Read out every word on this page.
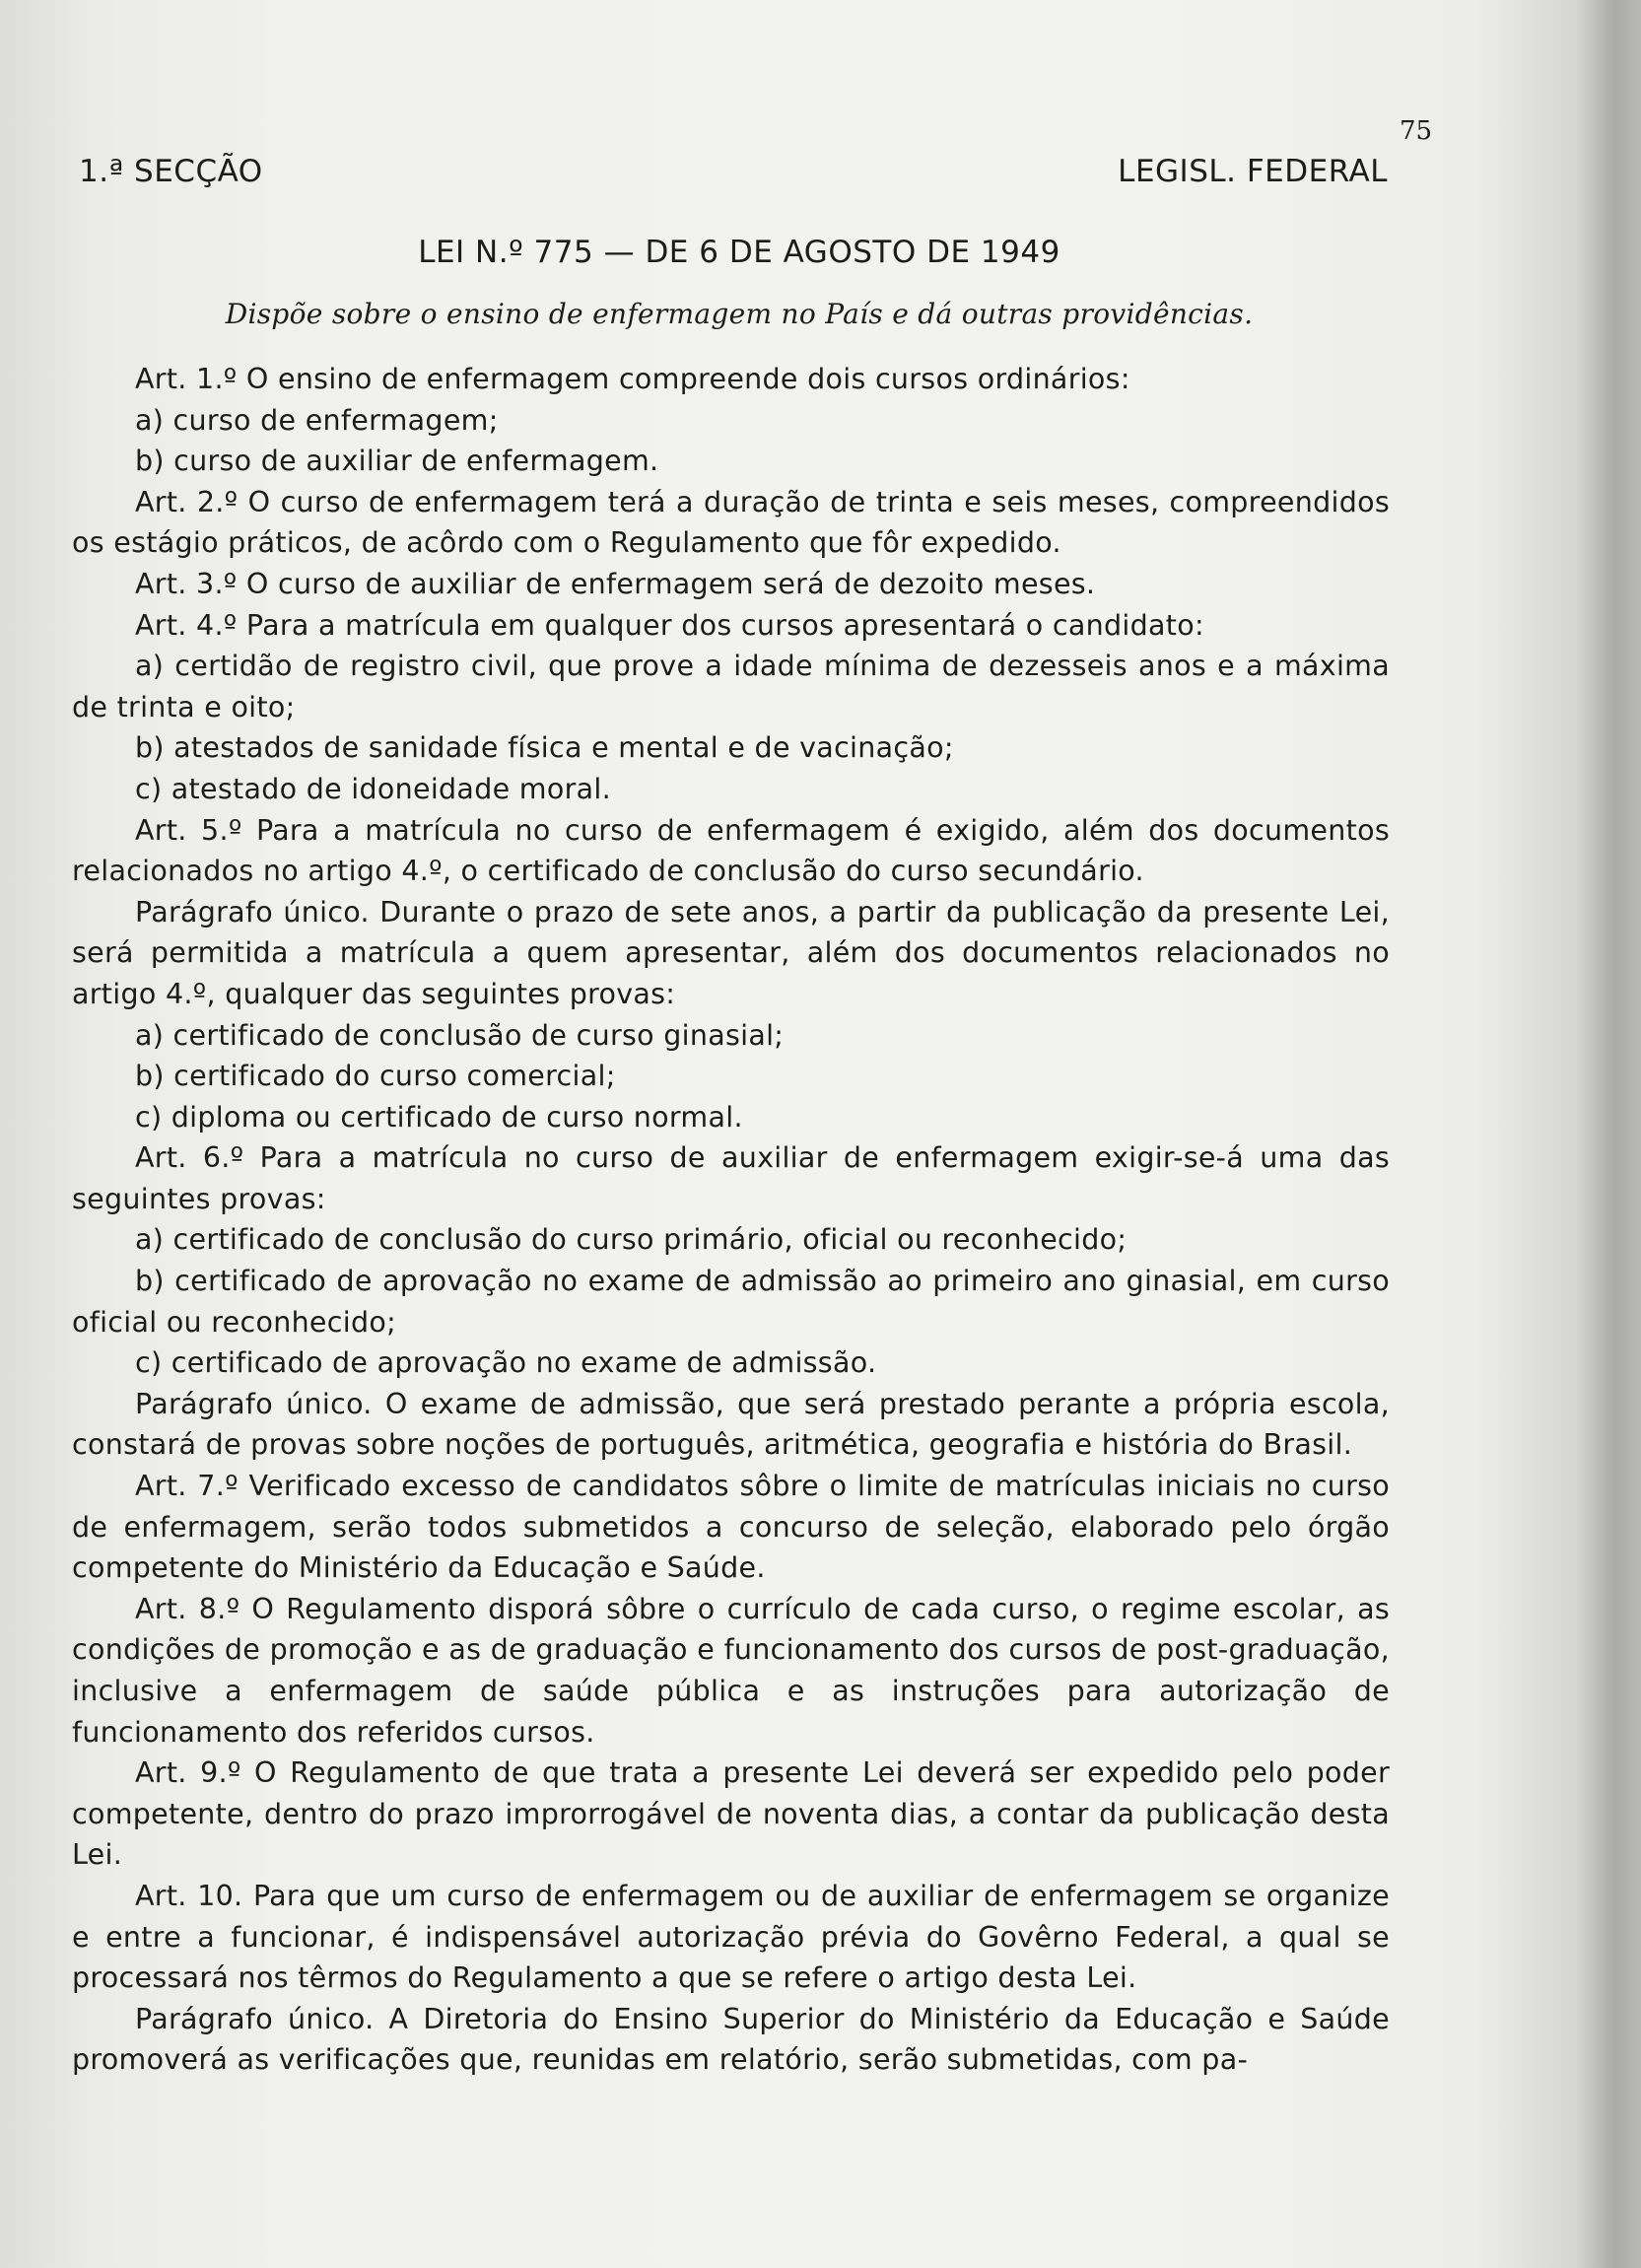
75
1.ª SECÇÃO	LEGISL. FEDERAL
LEI N.º 775 — DE 6 DE AGOSTO DE 1949
Dispõe sobre o ensino de enfermagem no País e dá outras providências.

Art. 1.º O ensino de enfermagem compreende dois cursos ordinários:

a) curso de enfermagem;

b) curso de auxiliar de enfermagem.

Art. 2.º O curso de enfermagem terá a duração de trinta e seis meses, compreendidos os estágio práticos, de acôrdo com o Regulamento que fôr expedido.

Art. 3.º O curso de auxiliar de enfermagem será de dezoito meses.

Art. 4.º Para a matrícula em qualquer dos cursos apresentará o candidato:

a) certidão de registro civil, que prove a idade mínima de dezesseis anos e a máxima de trinta e oito;

b) atestados de sanidade física e mental e de vacinação;

c) atestado de idoneidade moral.

Art. 5.º Para a matrícula no curso de enfermagem é exigido, além dos documentos relacionados no artigo 4.º, o certificado de conclusão do curso secundário.

Parágrafo único. Durante o prazo de sete anos, a partir da publicação da presente Lei, será permitida a matrícula a quem apresentar, além dos documentos relacionados no artigo 4.º, qualquer das seguintes provas:

a) certificado de conclusão de curso ginasial;

b) certificado do curso comercial;

c) diploma ou certificado de curso normal.

Art. 6.º Para a matrícula no curso de auxiliar de enfermagem exigir-se-á uma das seguintes provas:

a) certificado de conclusão do curso primário, oficial ou reconhecido;

b) certificado de aprovação no exame de admissão ao primeiro ano ginasial, em curso oficial ou reconhecido;

c) certificado de aprovação no exame de admissão.

Parágrafo único. O exame de admissão, que será prestado perante a própria escola, constará de provas sobre noções de português, aritmética, geografia e história do Brasil.

Art. 7.º Verificado excesso de candidatos sôbre o limite de matrículas iniciais no curso de enfermagem, serão todos submetidos a concurso de seleção, elaborado pelo órgão competente do Ministério da Educação e Saúde.

Art. 8.º O Regulamento disporá sôbre o currículo de cada curso, o regime escolar, as condições de promoção e as de graduação e funcionamento dos cursos de post-graduação, inclusive a enfermagem de saúde pública e as instruções para autorização de funcionamento dos referidos cursos.

Art. 9.º O Regulamento de que trata a presente Lei deverá ser expedido pelo poder competente, dentro do prazo improrrogável de noventa dias, a contar da publicação desta Lei.

Art. 10. Para que um curso de enfermagem ou de auxiliar de enfermagem se organize e entre a funcionar, é indispensável autorização prévia do Govêrno Federal, a qual se processará nos têrmos do Regulamento a que se refere o artigo desta Lei.

Parágrafo único. A Diretoria do Ensino Superior do Ministério da Educação e Saúde promoverá as verificações que, reunidas em relatório, serão submetidas, com pa-
